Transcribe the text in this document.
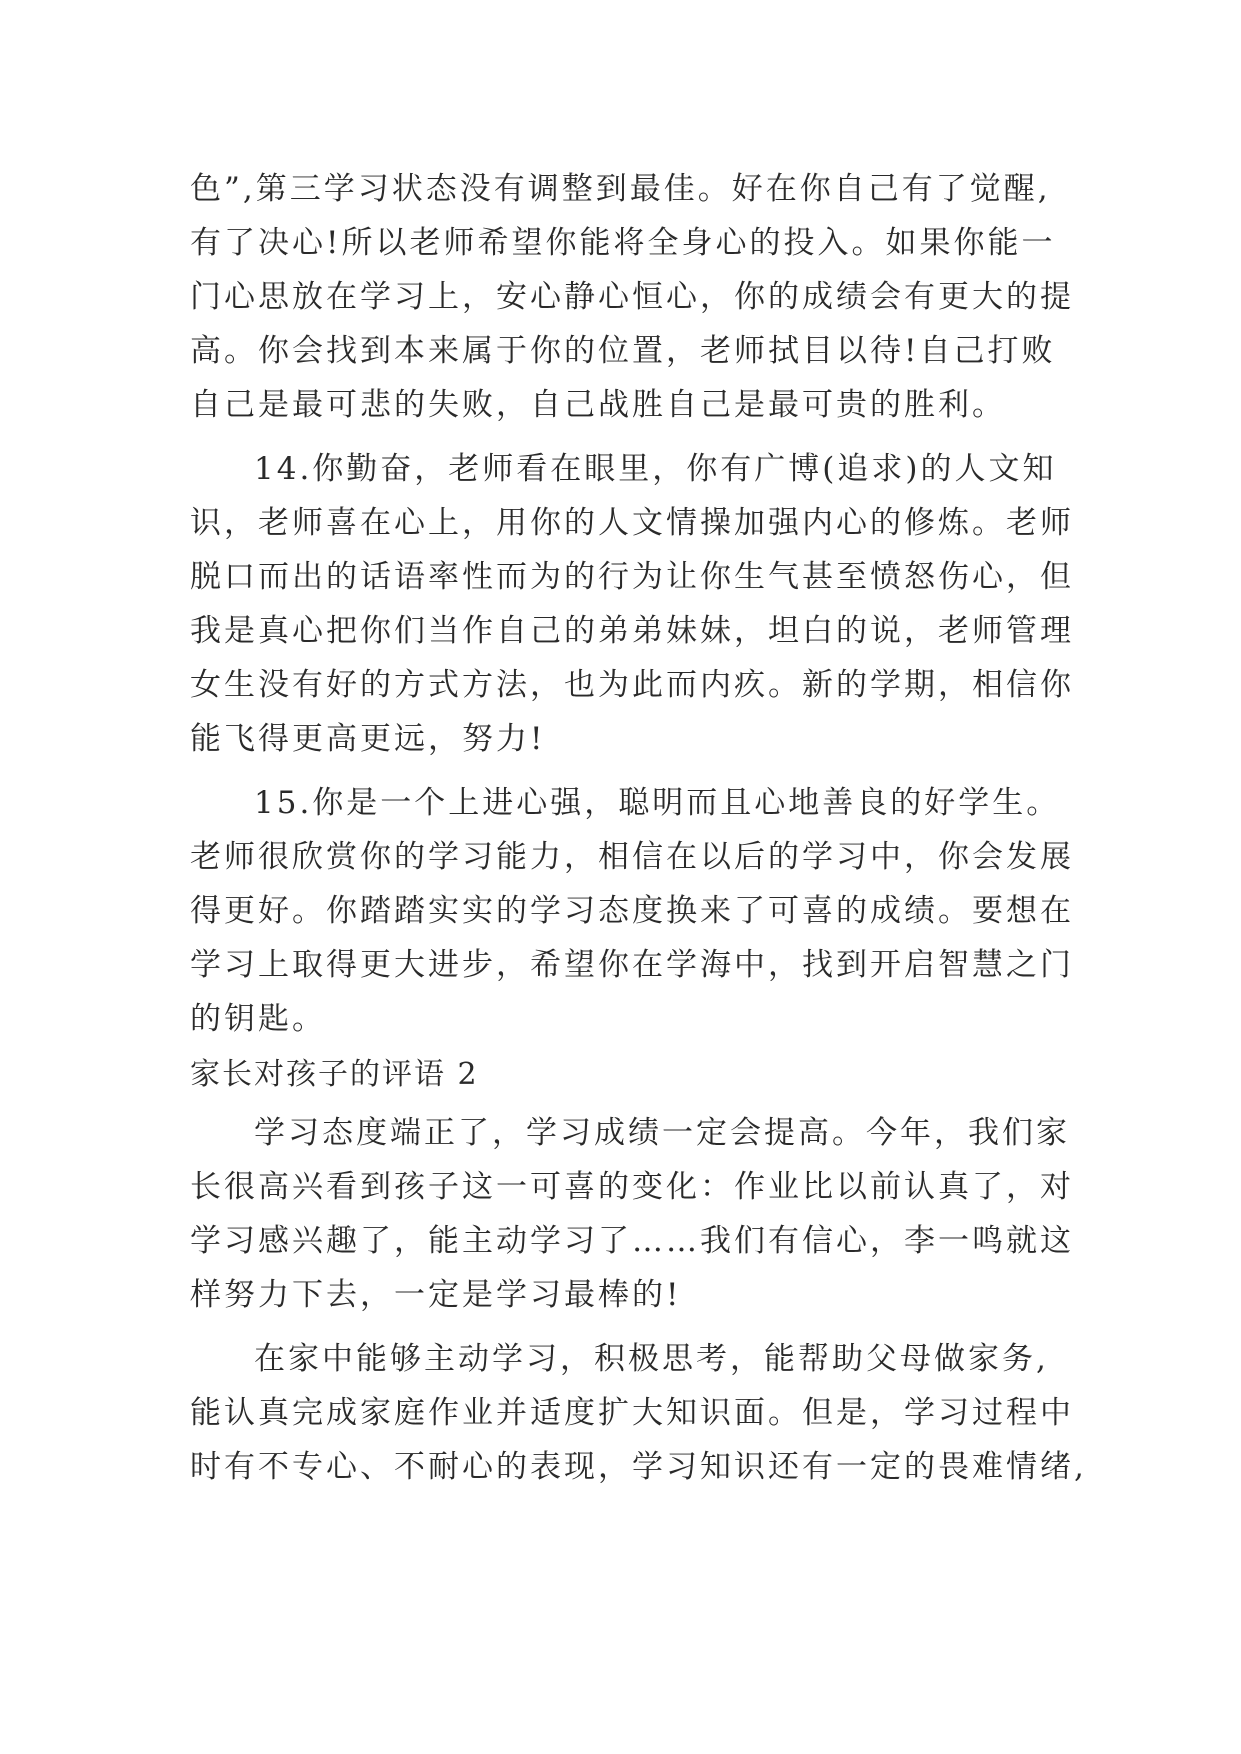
色”,第三学习状态没有调整到最佳。好在你自己有了觉醒,
有了决心!所以老师希望你能将全身心的投入。如果你能一
门心思放在学习上，安心静心恒心，你的成绩会有更大的提
高。你会找到本来属于你的位置，老师拭目以待!自己打败
自己是最可悲的失败，自己战胜自己是最可贵的胜利。
14.你勤奋，老师看在眼里，你有广博(追求)的人文知
识，老师喜在心上，用你的人文情操加强内心的修炼。老师
脱口而出的话语率性而为的行为让你生气甚至愤怒伤心，但
我是真心把你们当作自己的弟弟妹妹，坦白的说，老师管理
女生没有好的方式方法，也为此而内疚。新的学期，相信你
能飞得更高更远，努力!
15.你是一个上进心强，聪明而且心地善良的好学生。
老师很欣赏你的学习能力，相信在以后的学习中，你会发展
得更好。你踏踏实实的学习态度换来了可喜的成绩。要想在
学习上取得更大进步，希望你在学海中，找到开启智慧之门
的钥匙。
家长对孩子的评语 2
学习态度端正了，学习成绩一定会提高。今年，我们家
长很高兴看到孩子这一可喜的变化：作业比以前认真了，对
学习感兴趣了，能主动学习了……我们有信心，李一鸣就这
样努力下去，一定是学习最棒的!
在家中能够主动学习，积极思考，能帮助父母做家务,
能认真完成家庭作业并适度扩大知识面。但是，学习过程中
时有不专心、不耐心的表现，学习知识还有一定的畏难情绪,
